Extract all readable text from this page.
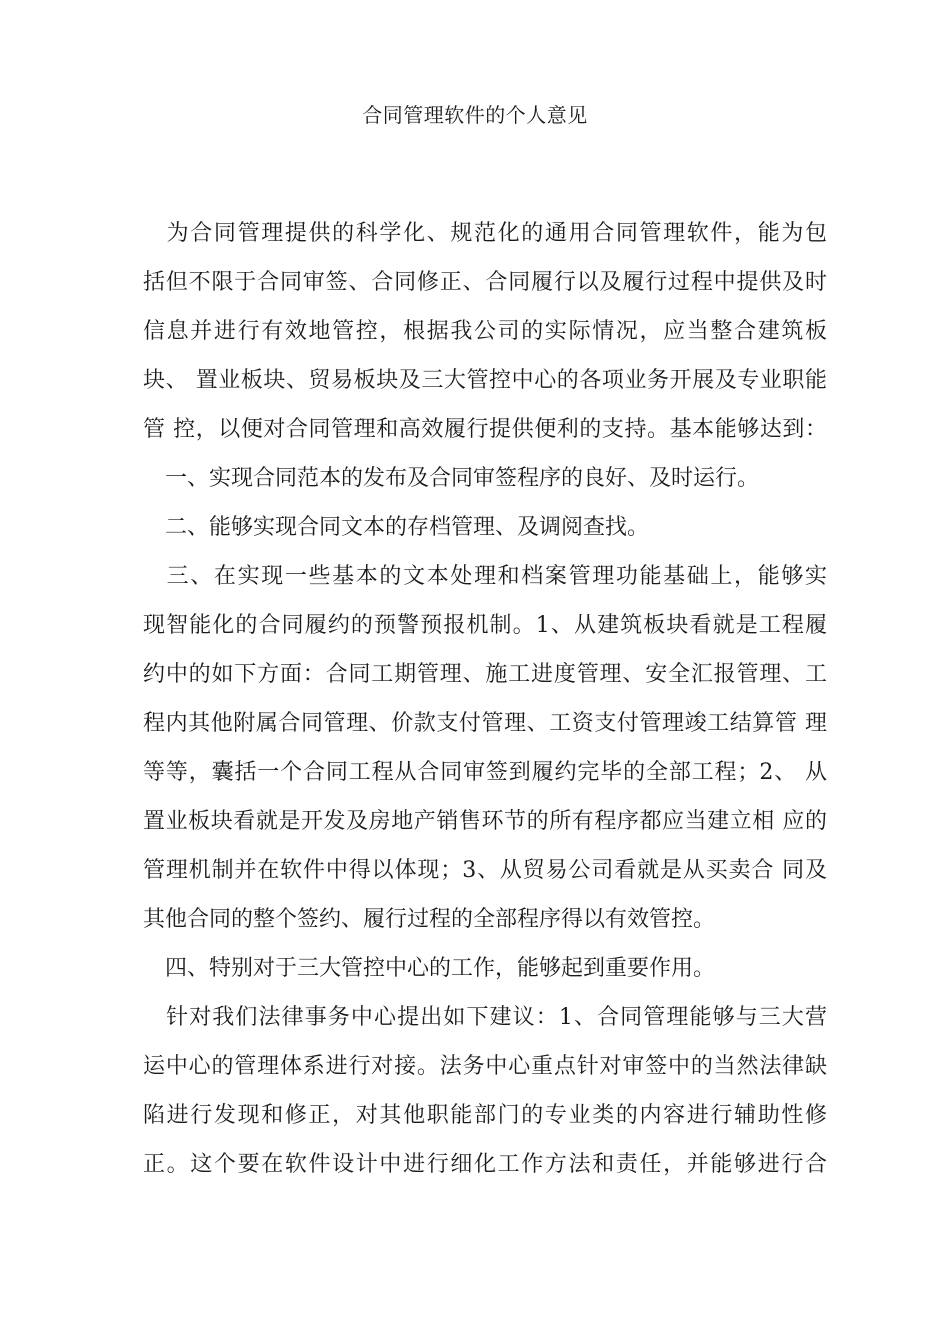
合同管理软件的个人意见
　为合同管理提供的科学化、规范化的通用合同管理软件，能为包
括但不限于合同审签、合同修正、合同履行以及履行过程中提供及时
信息并进行有效地管控，根据我公司的实际情况，应当整合建筑板
块、 置业板块、贸易板块及三大管控中心的各项业务开展及专业职能
管 控，以便对合同管理和高效履行提供便利的支持。基本能够达到：
　一、实现合同范本的发布及合同审签程序的良好、及时运行。
　二、能够实现合同文本的存档管理、及调阅查找。
　三、在实现一些基本的文本处理和档案管理功能基础上，能够实
现智能化的合同履约的预警预报机制。1、从建筑板块看就是工程履
约中的如下方面：合同工期管理、施工进度管理、安全汇报管理、工
程内其他附属合同管理、价款支付管理、工资支付管理竣工结算管 理
等等，囊括一个合同工程从合同审签到履约完毕的全部工程；2、 从
置业板块看就是开发及房地产销售环节的所有程序都应当建立相 应的
管理机制并在软件中得以体现；3、从贸易公司看就是从买卖合 同及
其他合同的整个签约、履行过程的全部程序得以有效管控。
　四、特别对于三大管控中心的工作，能够起到重要作用。
　针对我们法律事务中心提出如下建议：1、合同管理能够与三大营
运中心的管理体系进行对接。法务中心重点针对审签中的当然法律缺
陷进行发现和修正，对其他职能部门的专业类的内容进行辅助性修
正。这个要在软件设计中进行细化工作方法和责任，并能够进行合
